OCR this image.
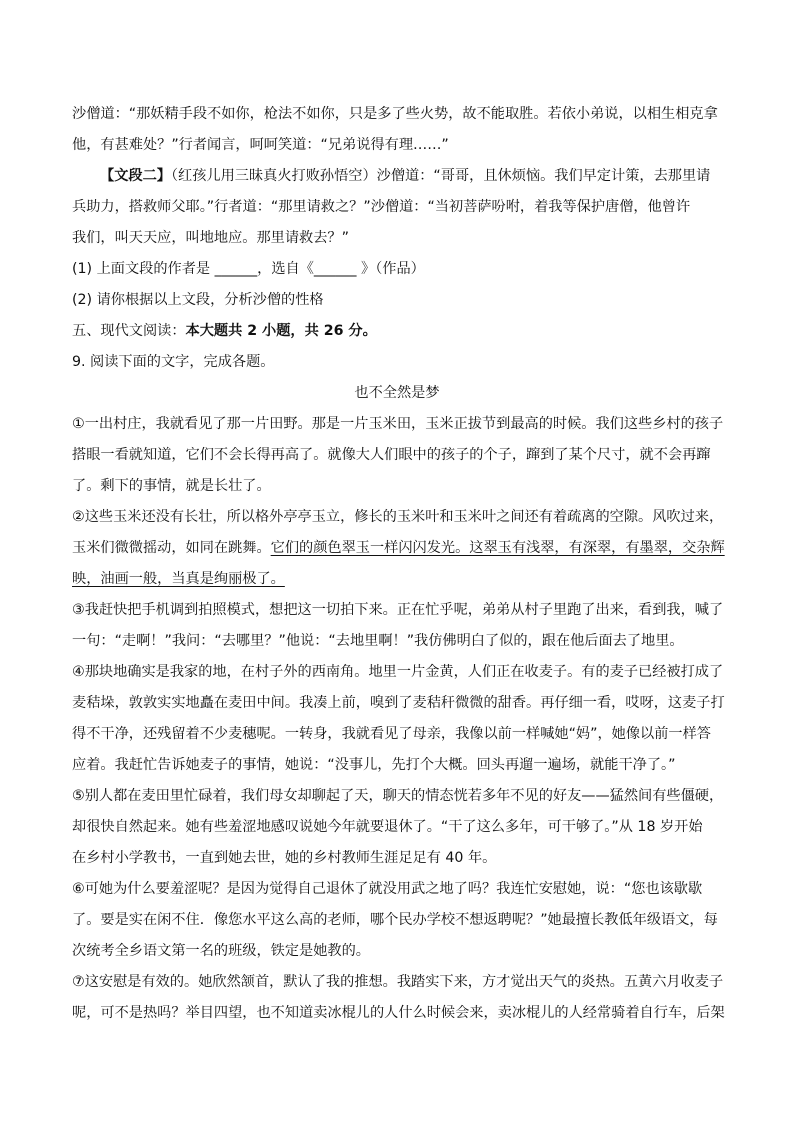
沙僧道：“那妖精手段不如你，枪法不如你，只是多了些火势，故不能取胜。若依小弟说，以相生相克拿
他，有甚难处？”行者闻言，呵呵笑道：“兄弟说得有理……”
【文段二】（红孩儿用三昧真火打败孙悟空）沙僧道：“哥哥，且休烦恼。我们早定计策，去那里请
兵助力，搭救师父耶。”行者道：“那里请救之？”沙僧道：“当初菩萨吩咐，着我等保护唐僧，他曾许
我们，叫天天应，叫地地应。那里请救去？”
(1) 上面文段的作者是 ______，选自《______ 》（作品）
(2) 请你根据以上文段，分析沙僧的性格
五、现代文阅读：本大题共 2 小题，共 26 分。
9. 阅读下面的文字，完成各题。
也不全然是梦
①一出村庄，我就看见了那一片田野。那是一片玉米田，玉米正拔节到最高的时候。我们这些乡村的孩子
搭眼一看就知道，它们不会长得再高了。就像大人们眼中的孩子的个子，蹿到了某个尺寸，就不会再蹿
了。剩下的事情，就是长壮了。
②这些玉米还没有长壮，所以格外亭亭玉立，修长的玉米叶和玉米叶之间还有着疏离的空隙。风吹过来，
玉米们微微摇动，如同在跳舞。它们的颜色翠玉一样闪闪发光。这翠玉有浅翠，有深翠，有墨翠，交杂辉
映，油画一般，当真是绚丽极了。
③我赶快把手机调到拍照模式，想把这一切拍下来。正在忙乎呢，弟弟从村子里跑了出来，看到我，喊了
一句：“走啊！”我问：“去哪里？”他说：“去地里啊！”我仿佛明白了似的，跟在他后面去了地里。
④那块地确实是我家的地，在村子外的西南角。地里一片金黄，人们正在收麦子。有的麦子已经被打成了
麦秸垛，敦敦实实地矗在麦田中间。我凑上前，嗅到了麦秸秆微微的甜香。再仔细一看，哎呀，这麦子打
得不干净，还残留着不少麦穗呢。一转身，我就看见了母亲，我像以前一样喊她“妈”，她像以前一样答
应着。我赶忙告诉她麦子的事情，她说：“没事儿，先打个大概。回头再遛一遍场，就能干净了。”
⑤别人都在麦田里忙碌着，我们母女却聊起了天，聊天的情态恍若多年不见的好友——猛然间有些僵硬，
却很快自然起来。她有些羞涩地感叹说她今年就要退休了。“干了这么多年，可干够了。”从 18 岁开始
在乡村小学教书，一直到她去世，她的乡村教师生涯足足有 40 年。
⑥可她为什么要羞涩呢？是因为觉得自己退休了就没用武之地了吗？我连忙安慰她，说：“您也该歇歇
了。要是实在闲不住．像您水平这么高的老师，哪个民办学校不想返聘呢？”她最擅长教低年级语文，每
次统考全乡语文第一名的班级，铁定是她教的。
⑦这安慰是有效的。她欣然颔首，默认了我的推想。我踏实下来，方才觉出天气的炎热。五黄六月收麦子
呢，可不是热吗？举目四望，也不知道卖冰棍儿的人什么时候会来，卖冰棍儿的人经常骑着自行车，后架
